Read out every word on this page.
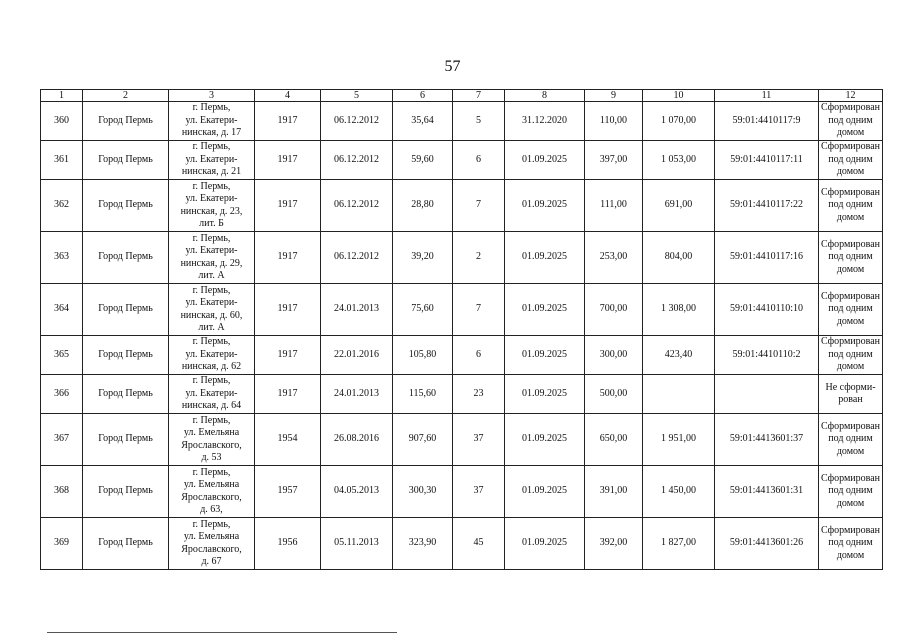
57
1	2	3	4	5	6	7	8	9	10	11	12
360	Город Пермь	г. Пермь,
ул. Екатери-
нинская, д. 17	1917	06.12.2012	35,64	5	31.12.2020	110,00	1 070,00	59:01:4410117:9	Сформирован
под одним
домом
361	Город Пермь	г. Пермь,
ул. Екатери-
нинская, д. 21	1917	06.12.2012	59,60	6	01.09.2025	397,00	1 053,00	59:01:4410117:11	Сформирован
под одним
домом
362	Город Пермь	г. Пермь,
ул. Екатери-
нинская, д. 23,
лит. Б	1917	06.12.2012	28,80	7	01.09.2025	111,00	691,00	59:01:4410117:22	Сформирован
под одним
домом
363	Город Пермь	г. Пермь,
ул. Екатери-
нинская, д. 29,
лит. А	1917	06.12.2012	39,20	2	01.09.2025	253,00	804,00	59:01:4410117:16	Сформирован
под одним
домом
364	Город Пермь	г. Пермь,
ул. Екатери-
нинская, д. 60,
лит. А	1917	24.01.2013	75,60	7	01.09.2025	700,00	1 308,00	59:01:4410110:10	Сформирован
под одним
домом
365	Город Пермь	г. Пермь,
ул. Екатери-
нинская, д. 62	1917	22.01.2016	105,80	6	01.09.2025	300,00	423,40	59:01:4410110:2	Сформирован
под одним
домом
366	Город Пермь	г. Пермь,
ул. Екатери-
нинская, д. 64	1917	24.01.2013	115,60	23	01.09.2025	500,00			Не сформи-
рован
367	Город Пермь	г. Пермь,
ул. Емельяна
Ярославского,
д. 53	1954	26.08.2016	907,60	37	01.09.2025	650,00	1 951,00	59:01:4413601:37	Сформирован
под одним
домом
368	Город Пермь	г. Пермь,
ул. Емельяна
Ярославского,
д. 63,	1957	04.05.2013	300,30	37	01.09.2025	391,00	1 450,00	59:01:4413601:31	Сформирован
под одним
домом
369	Город Пермь	г. Пермь,
ул. Емельяна
Ярославского,
д. 67	1956	05.11.2013	323,90	45	01.09.2025	392,00	1 827,00	59:01:4413601:26	Сформирован
под одним
домом
